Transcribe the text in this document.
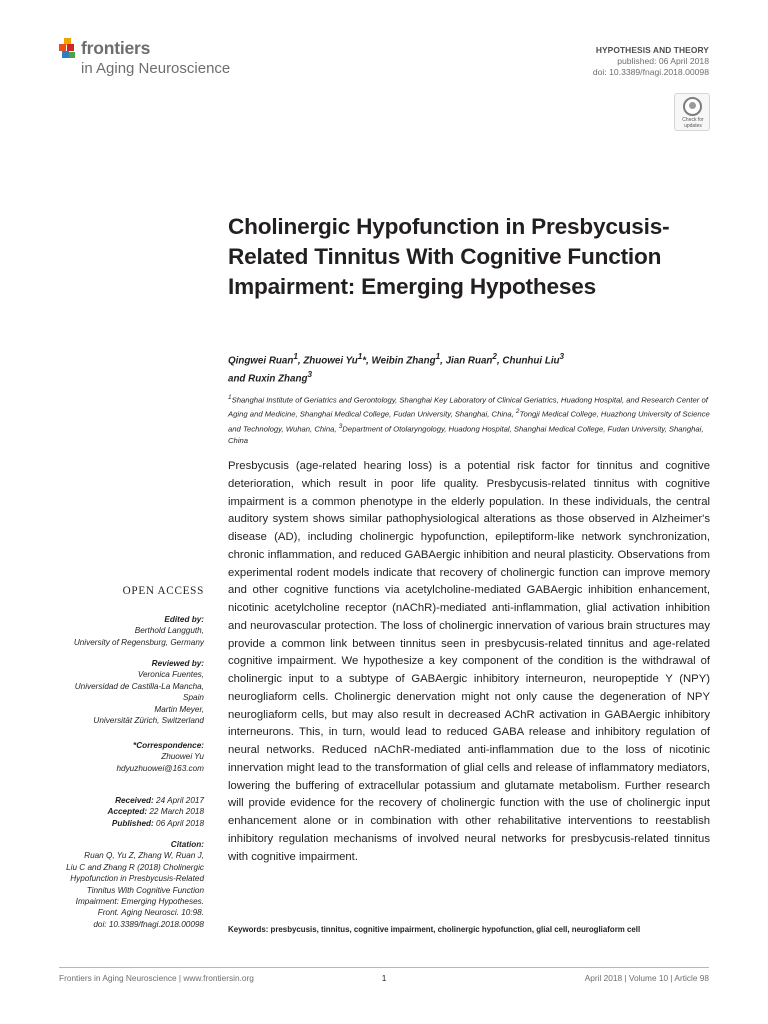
frontiers
in Aging Neuroscience
HYPOTHESIS AND THEORY
published: 06 April 2018
doi: 10.3389/fnagi.2018.00098
Check for
updates
Cholinergic Hypofunction in Presbycusis-Related Tinnitus With Cognitive Function Impairment: Emerging Hypotheses
Qingwei Ruan$^1$, Zhuowei Yu$^1$*, Weibin Zhang$^1$, Jian Ruan$^2$, Chunhui Liu$^3$
and Ruxin Zhang$^3$
$^1$Shanghai Institute of Geriatrics and Gerontology, Shanghai Key Laboratory of Clinical Geriatrics, Huadong Hospital, and Research Center of Aging and Medicine, Shanghai Medical College, Fudan University, Shanghai, China, $^2$Tongji Medical College, Huazhong University of Science and Technology, Wuhan, China, $^3$Department of Otolaryngology, Huadong Hospital, Shanghai Medical College, Fudan University, Shanghai, China

Presbycusis (age-related hearing loss) is a potential risk factor for tinnitus and cognitive deterioration, which result in poor life quality. Presbycusis-related tinnitus with cognitive impairment is a common phenotype in the elderly population. In these individuals, the central auditory system shows similar pathophysiological alterations as those observed in Alzheimer's disease (AD), including cholinergic hypofunction, epileptiform-like network synchronization, chronic inflammation, and reduced GABAergic inhibition and neural plasticity. Observations from experimental rodent models indicate that recovery of cholinergic function can improve memory and other cognitive functions via acetylcholine-mediated GABAergic inhibition enhancement, nicotinic acetylcholine receptor (nAChR)-mediated anti-inflammation, glial activation inhibition and neurovascular protection. The loss of cholinergic innervation of various brain structures may provide a common link between tinnitus seen in presbycusis-related tinnitus and age-related cognitive impairment. We hypothesize a key component of the condition is the withdrawal of cholinergic input to a subtype of GABAergic inhibitory interneuron, neuropeptide Y (NPY) neurogliaform cells. Cholinergic denervation might not only cause the degeneration of NPY neurogliaform cells, but may also result in decreased AChR activation in GABAergic inhibitory interneurons. This, in turn, would lead to reduced GABA release and inhibitory regulation of neural networks. Reduced nAChR-mediated anti-inflammation due to the loss of nicotinic innervation might lead to the transformation of glial cells and release of inflammatory mediators, lowering the buffering of extracellular potassium and glutamate metabolism. Further research will provide evidence for the recovery of cholinergic function with the use of cholinergic input enhancement alone or in combination with other rehabilitative interventions to reestablish inhibitory regulation mechanisms of involved neural networks for presbycusis-related tinnitus with cognitive impairment.

Keywords: presbycusis, tinnitus, cognitive impairment, cholinergic hypofunction, glial cell, neurogliaform cell
OPEN ACCESS
Edited by:
Berthold Langguth,
University of Regensburg, Germany
Reviewed by:
Veronica Fuentes,
Universidad de Castilla-La Mancha,
Spain
Martin Meyer,
Universität Zürich, Switzerland
*Correspondence:
Zhuowei Yu
hdyuzhuowei@163.com
Received: 24 April 2017
Accepted: 22 March 2018
Published: 06 April 2018
Citation:
Ruan Q, Yu Z, Zhang W, Ruan J,
Liu C and Zhang R (2018) Cholinergic
Hypofunction in Presbycusis-Related
Tinnitus With Cognitive Function
Impairment: Emerging Hypotheses.
Front. Aging Neurosci. 10:98.
doi: 10.3389/fnagi.2018.00098
Frontiers in Aging Neuroscience | www.frontiersin.org	1	April 2018 | Volume 10 | Article 98
